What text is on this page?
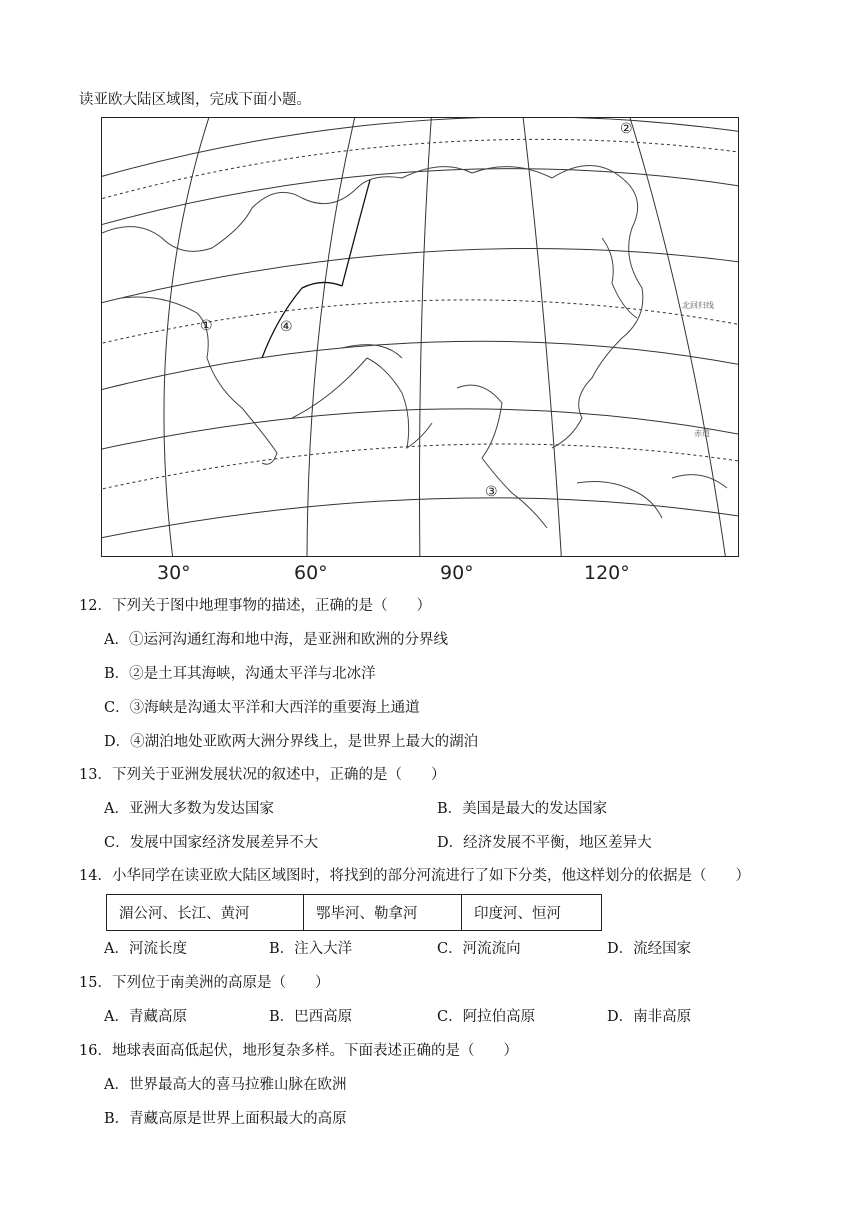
读亚欧大陆区域图，完成下面小题。
①
②
③
④
北回归线
赤道
30°	60°	90°	120°
12．下列关于图中地理事物的描述，正确的是（　　）
A．①运河沟通红海和地中海，是亚洲和欧洲的分界线
B．②是土耳其海峡，沟通太平洋与北冰洋
C．③海峡是沟通太平洋和大西洋的重要海上通道
D．④湖泊地处亚欧两大洲分界线上，是世界上最大的湖泊
13．下列关于亚洲发展状况的叙述中，正确的是（　　）
A．亚洲大多数为发达国家	B．美国是最大的发达国家
C．发展中国家经济发展差异不大	D．经济发展不平衡，地区差异大
14．小华同学在读亚欧大陆区域图时，将找到的部分河流进行了如下分类，他这样划分的依据是（　　）
湄公河、长江、黄河	鄂毕河、勒拿河	印度河、恒河
A．河流长度	B．注入大洋	C．河流流向	D．流经国家
15．下列位于南美洲的高原是（　　）
A．青藏高原	B．巴西高原	C．阿拉伯高原	D．南非高原
16．地球表面高低起伏，地形复杂多样。下面表述正确的是（　　）
A．世界最高大的喜马拉雅山脉在欧洲
B．青藏高原是世界上面积最大的高原
